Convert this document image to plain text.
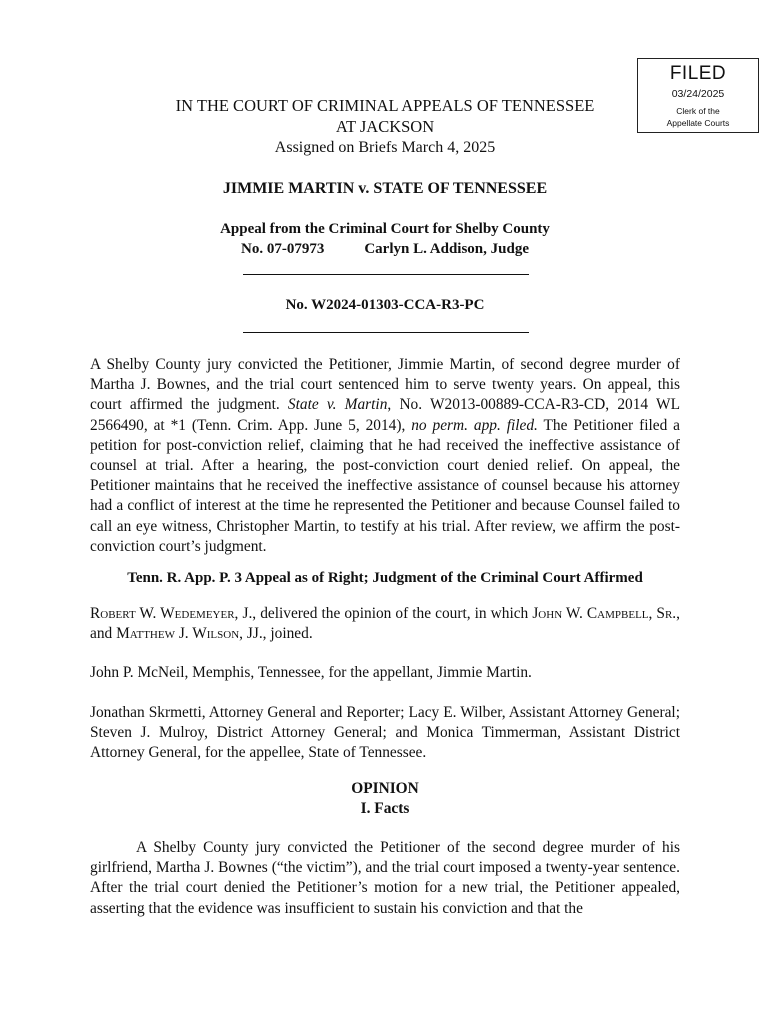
FILED
03/24/2025
Clerk of the
Appellate Courts
IN THE COURT OF CRIMINAL APPEALS OF TENNESSEE
AT JACKSON
Assigned on Briefs March 4, 2025
JIMMIE MARTIN v. STATE OF TENNESSEE
Appeal from the Criminal Court for Shelby County
No. 07-07973	Carlyn L. Addison, Judge
No. W2024-01303-CCA-R3-PC
A Shelby County jury convicted the Petitioner, Jimmie Martin, of second degree murder of Martha J. Bownes, and the trial court sentenced him to serve twenty years. On appeal, this court affirmed the judgment. State v. Martin, No. W2013-00889-CCA-R3-CD, 2014 WL 2566490, at *1 (Tenn. Crim. App. June 5, 2014), no perm. app. filed. The Petitioner filed a petition for post-conviction relief, claiming that he had received the ineffective assistance of counsel at trial. After a hearing, the post-conviction court denied relief. On appeal, the Petitioner maintains that he received the ineffective assistance of counsel because his attorney had a conflict of interest at the time he represented the Petitioner and because Counsel failed to call an eye witness, Christopher Martin, to testify at his trial. After review, we affirm the post-conviction court’s judgment.
Tenn. R. App. P. 3 Appeal as of Right; Judgment of the Criminal Court Affirmed
Robert W. Wedemeyer, J., delivered the opinion of the court, in which John W. Campbell, Sr., and Matthew J. Wilson, JJ., joined.
John P. McNeil, Memphis, Tennessee, for the appellant, Jimmie Martin.
Jonathan Skrmetti, Attorney General and Reporter; Lacy E. Wilber, Assistant Attorney General; Steven J. Mulroy, District Attorney General; and Monica Timmerman, Assistant District Attorney General, for the appellee, State of Tennessee.
OPINION
I. Facts
A Shelby County jury convicted the Petitioner of the second degree murder of his girlfriend, Martha J. Bownes (“the victim”), and the trial court imposed a twenty-year sentence. After the trial court denied the Petitioner’s motion for a new trial, the Petitioner appealed, asserting that the evidence was insufficient to sustain his conviction and that the
